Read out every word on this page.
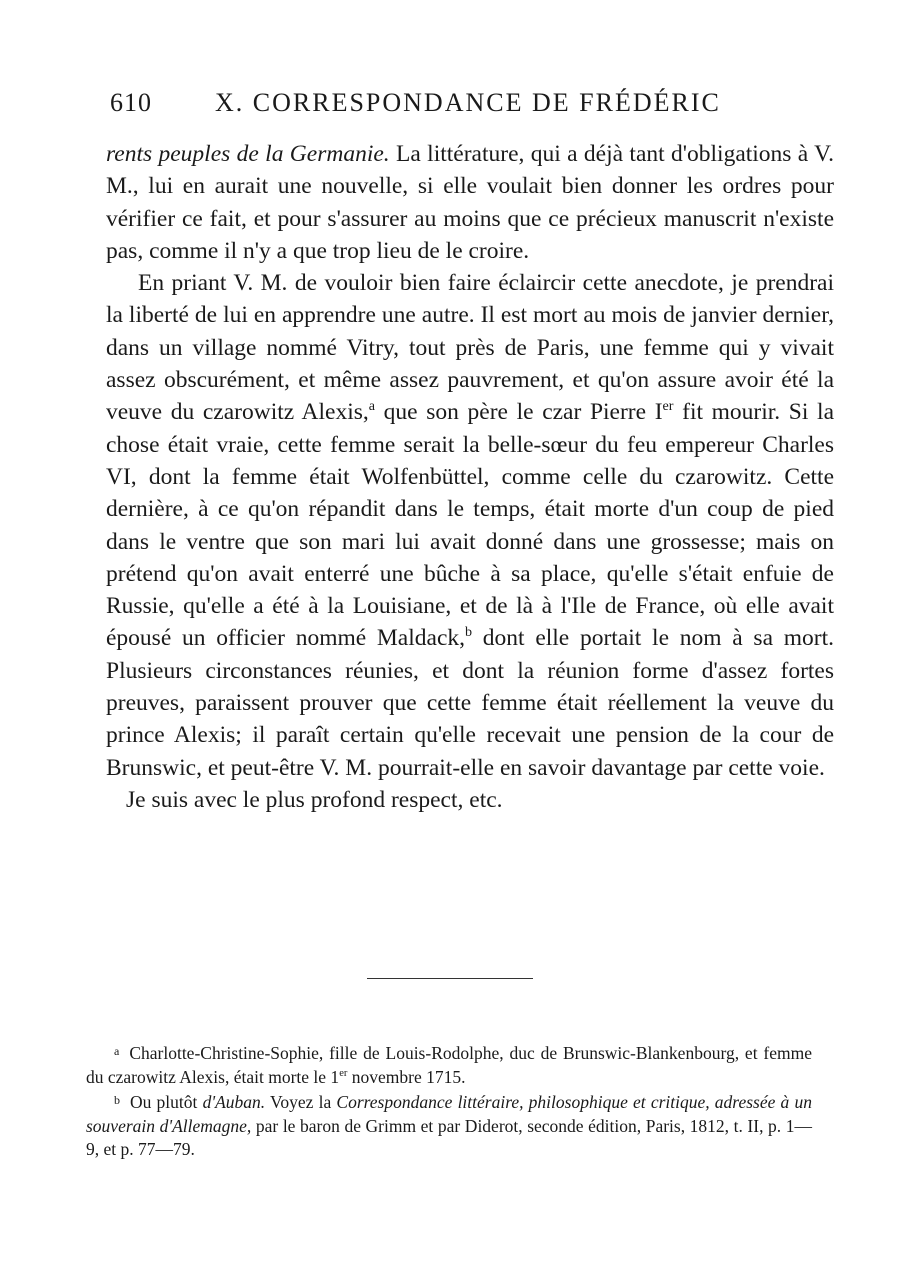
610 X. CORRESPONDANCE DE FRÉDÉRIC

rents peuples de la Germanie. La littérature, qui a déjà tant d'obligations à V. M., lui en aurait une nouvelle, si elle voulait bien donner les ordres pour vérifier ce fait, et pour s'assurer au moins que ce précieux manuscrit n'existe pas, comme il n'y a que trop lieu de le croire.

En priant V. M. de vouloir bien faire éclaircir cette anecdote, je prendrai la liberté de lui en apprendre une autre. Il est mort au mois de janvier dernier, dans un village nommé Vitry, tout près de Paris, une femme qui y vivait assez obscurément, et même assez pauvrement, et qu'on assure avoir été la veuve du czarowitz Alexis,$^a$ que son père le czar Pierre Ier fit mourir. Si la chose était vraie, cette femme serait la belle-sœur du feu empereur Charles VI, dont la femme était Wolfenbüttel, comme celle du czarowitz. Cette dernière, à ce qu'on répandit dans le temps, était morte d'un coup de pied dans le ventre que son mari lui avait donné dans une grossesse; mais on prétend qu'on avait enterré une bûche à sa place, qu'elle s'était enfuie de Russie, qu'elle a été à la Louisiane, et de là à l'Ile de France, où elle avait épousé un officier nommé Maldack,$^b$ dont elle portait le nom à sa mort. Plusieurs circonstances réunies, et dont la réunion forme d'assez fortes preuves, paraissent prouver que cette femme était réellement la veuve du prince Alexis; il paraît certain qu'elle recevait une pension de la cour de Brunswic, et peut-être V. M. pourrait-elle en savoir davantage par cette voie.

Je suis avec le plus profond respect, etc.

$^a$ Charlotte-Christine-Sophie, fille de Louis-Rodolphe, duc de Brunswic-Blankenbourg, et femme du czarowitz Alexis, était morte le 1er novembre 1715.

$^b$ Ou plutôt d'Auban. Voyez la Correspondance littéraire, philosophique et critique, adressée à un souverain d'Allemagne, par le baron de Grimm et par Diderot, seconde édition, Paris, 1812, t. II, p. 1—9, et p. 77—79.
